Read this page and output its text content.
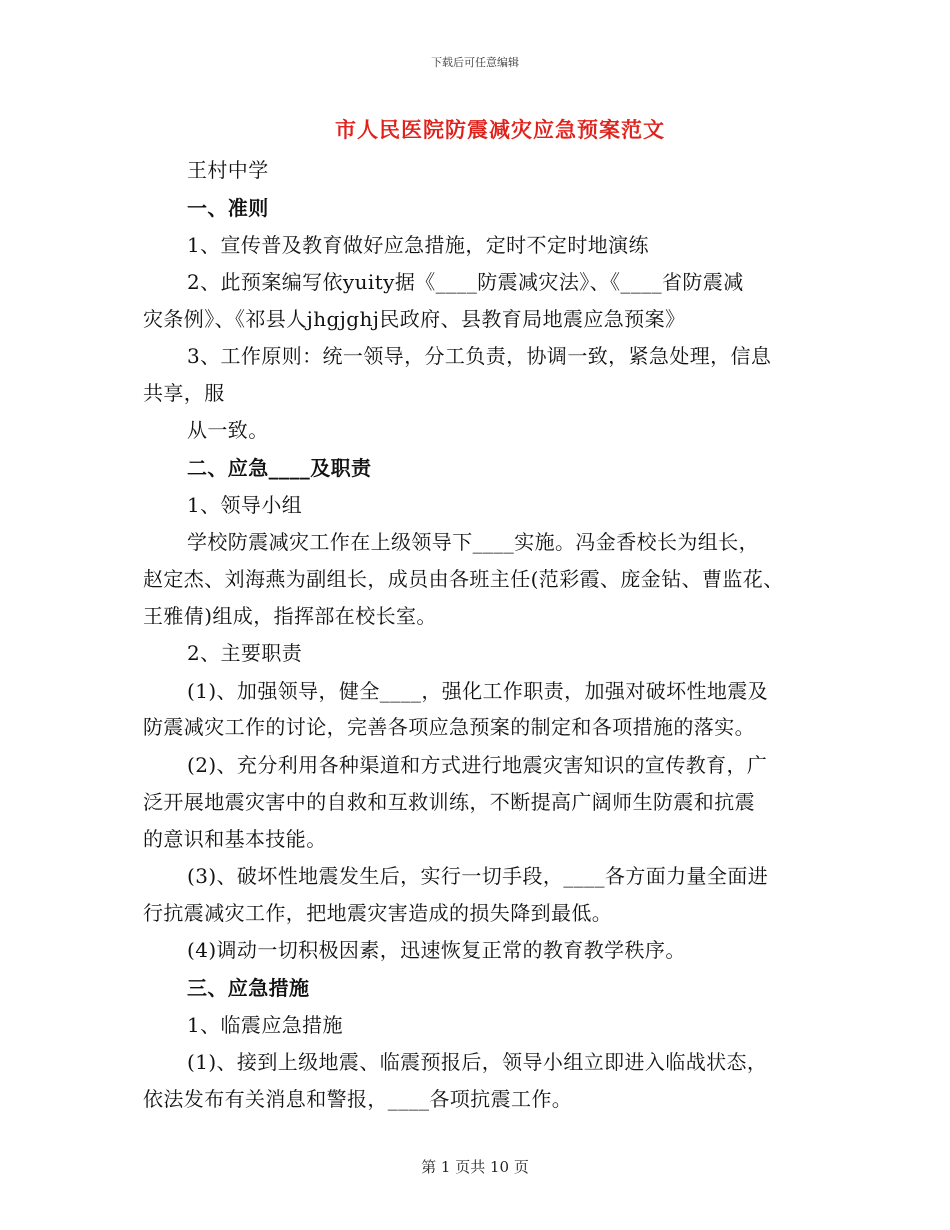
下载后可任意编辑
市人民医院防震减灾应急预案范文
王村中学
一、准则
1、宣传普及教育做好应急措施，定时不定时地演练
2、此预案编写依yuity据《____防震减灾法》、《____省防震减
灾条例》、《祁县人jhgjghj民政府、县教育局地震应急预案》
3、工作原则：统一领导，分工负责，协调一致，紧急处理，信息
共享，服
从一致。
二、应急____及职责
1、领导小组
学校防震减灾工作在上级领导下____实施。冯金香校长为组长，
赵定杰、刘海燕为副组长，成员由各班主任(范彩霞、庞金钻、曹监花、
王雅倩)组成，指挥部在校长室。
2、主要职责
(1)、加强领导，健全____，强化工作职责，加强对破坏性地震及
防震减灾工作的讨论，完善各项应急预案的制定和各项措施的落实。
(2)、充分利用各种渠道和方式进行地震灾害知识的宣传教育，广
泛开展地震灾害中的自救和互救训练，不断提高广阔师生防震和抗震
的意识和基本技能。
(3)、破坏性地震发生后，实行一切手段，____各方面力量全面进
行抗震减灾工作，把地震灾害造成的损失降到最低。
(4)调动一切积极因素，迅速恢复正常的教育教学秩序。
三、应急措施
1、临震应急措施
(1)、接到上级地震、临震预报后，领导小组立即进入临战状态，
依法发布有关消息和警报，____各项抗震工作。
第 1 页共 10 页
